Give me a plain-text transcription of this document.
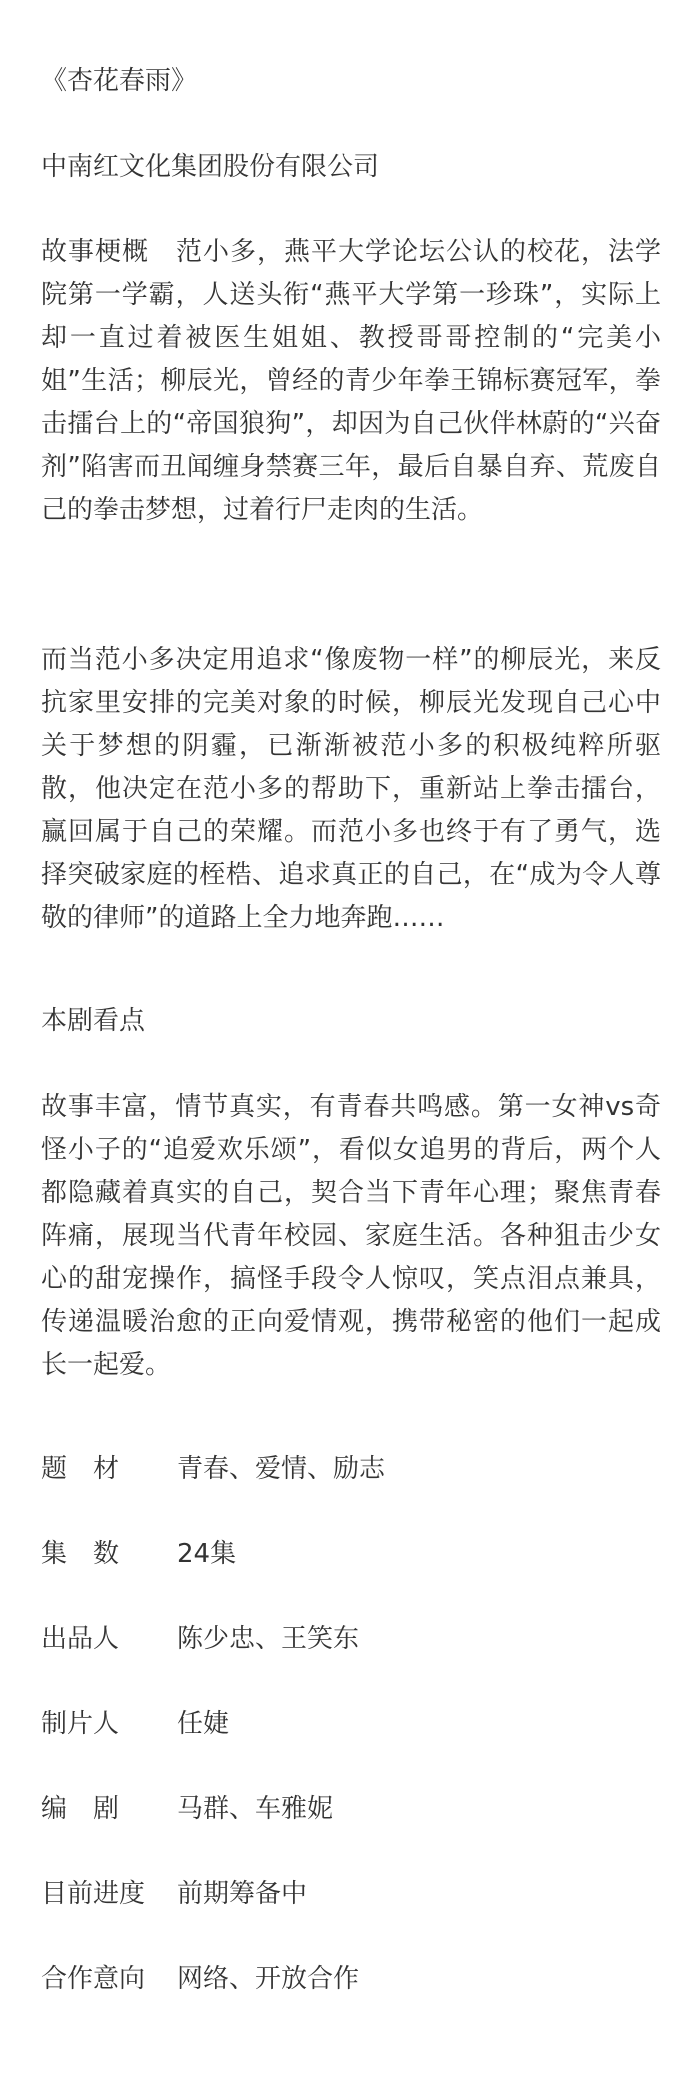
《杏花春雨》
中南红文化集团股份有限公司
故事梗概　范小多，燕平大学论坛公认的校花，法学院第一学霸，人送头衔“燕平大学第一珍珠”，实际上却一直过着被医生姐姐、教授哥哥控制的“完美小姐”生活；柳辰光，曾经的青少年拳王锦标赛冠军，拳击擂台上的“帝国狼狗”，却因为自己伙伴林蔚的“兴奋剂”陷害而丑闻缠身禁赛三年，最后自暴自弃、荒废自己的拳击梦想，过着行尸走肉的生活。
而当范小多决定用追求“像废物一样”的柳辰光，来反抗家里安排的完美对象的时候，柳辰光发现自己心中关于梦想的阴霾，已渐渐被范小多的积极纯粹所驱散，他决定在范小多的帮助下，重新站上拳击擂台，赢回属于自己的荣耀。而范小多也终于有了勇气，选择突破家庭的桎梏、追求真正的自己，在“成为令人尊敬的律师”的道路上全力地奔跑……
本剧看点
故事丰富，情节真实，有青春共鸣感。第一女神vs奇怪小子的“追爱欢乐颂”，看似女追男的背后，两个人都隐藏着真实的自己，契合当下青年心理；聚焦青春阵痛，展现当代青年校园、家庭生活。各种狙击少女心的甜宠操作，搞怪手段令人惊叹，笑点泪点兼具，传递温暖治愈的正向爱情观，携带秘密的他们一起成长一起爱。
题　材	青春、爱情、励志
集　数	24集
出品人	陈少忠、王笑东
制片人	任婕
编　剧	马群、车雅妮
目前进度	前期筹备中
合作意向	网络、开放合作
